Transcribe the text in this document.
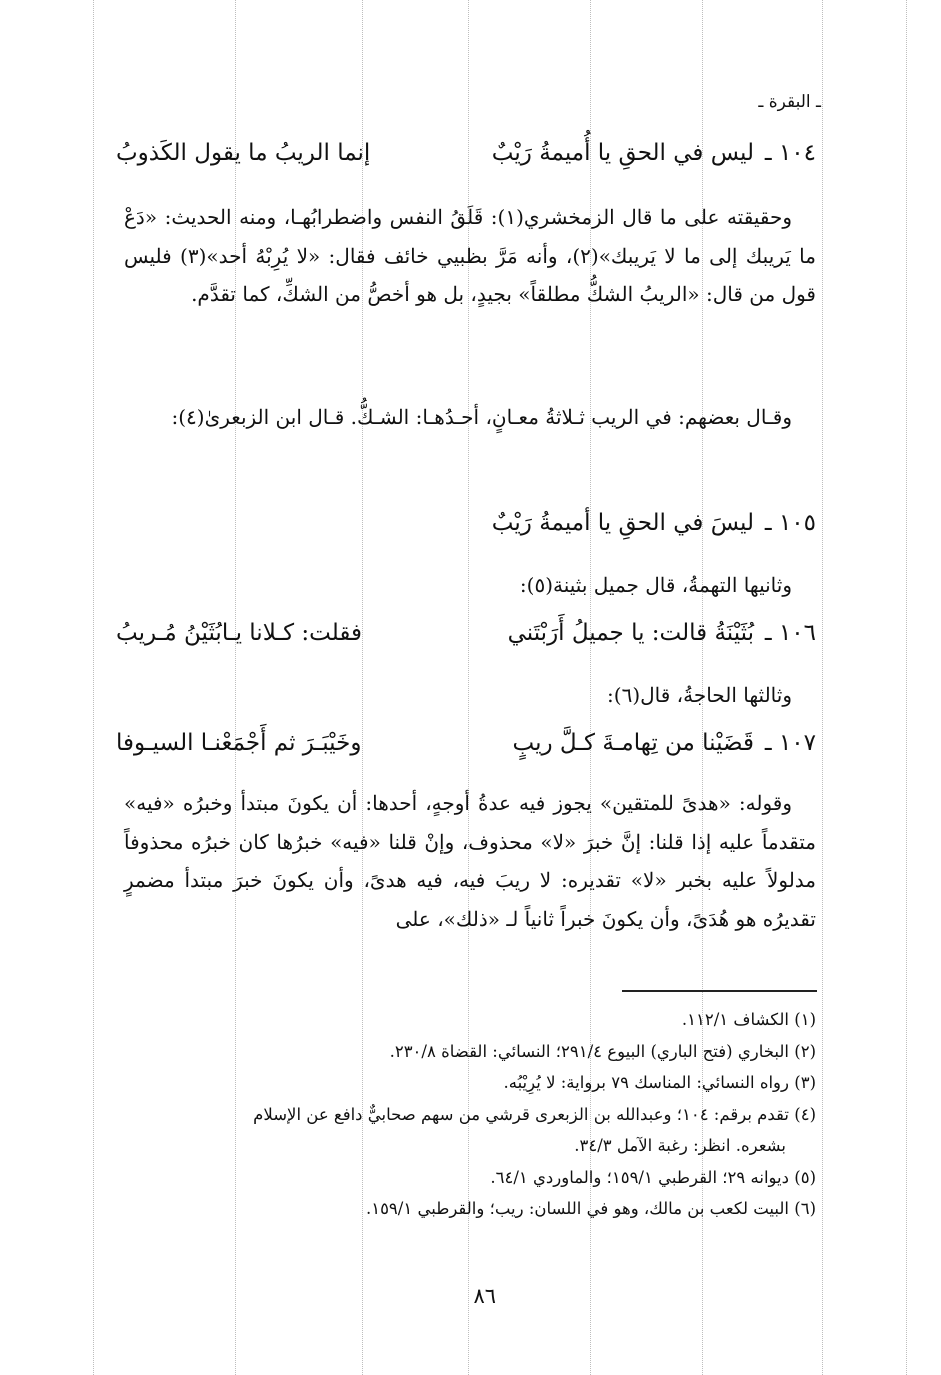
ـ البقرة ـ
١٠٤ ـ
ليس في الحقِ يا أُميمةُ رَيْبٌ
إنما الريبُ ما يقول الكَذوبُ

وحقيقته على ما قال الزمخشري(١): قَلَقُ النفس واضطرابُهـا، ومنه الحديث: «دَعْ ما يَريبك إلى ما لا يَريبك»(٢)، وأنه مَرَّ بظبيي خائف فقال: «لا يُرِبْهُ أحد»(٣) فليس قول من قال: «الريبُ الشكُّ مطلقاً» بجيدٍ، بل هو أخصُّ من الشكِّ، كما تقدَّم.

وقـال بعضهم: في الريب ثـلاثةُ معـانٍ، أحـدُهـا: الشـكُّ. قـال ابن الزبعرىٰ(٤):

١٠٥ ـ
ليسَ في الحقِ يا أميمةُ رَيْبٌ

وثانيها التهمةُ، قال جميل بثينة(٥):

١٠٦ ـ
بُثَيْنَةُ قالت: يا جميلُ أَرَبْتَني
فقلت: كـلانا يـابُثَيْنُ مُـريبُ

وثالثها الحاجةُ، قال(٦):

١٠٧ ـ
قَضَيْنا من تِهامـةَ كـلَّ ريبٍ
وخَيْبَـرَ ثم أَجْمَعْنـا السيـوفا

وقوله: «هدىً للمتقين» يجوز فيه عدةُ أوجهٍ، أحدها: أن يكونَ مبتدأ وخبرُه «فيه» متقدماً عليه إذا قلنا: إنَّ خبرَ «لا» محذوف، وإنْ قلنا «فيه» خبرُها كان خبرُه محذوفاً مدلولاً عليه بخبر «لا» تقديره: لا ريبَ فيه، فيه هدىً، وأن يكونَ خبرَ مبتدأ مضمرٍ تقديرُه هو هُدَىً، وأن يكونَ خبراً ثانياً لـ «ذلك»، على

(١) الكشاف ١١٢/١.
(٢) البخاري (فتح الباري) البيوع ٢٩١/٤؛ النسائي: القضاة ٢٣٠/٨.
(٣) رواه النسائي: المناسك ٧٩ برواية: لا يُرِيْبُه.
(٤) تقدم برقم: ١٠٤؛ وعبدالله بن الزبعرى قرشي من سهم صحابيٌّ دافع عن الإسلام
بشعره. انظر: رغبة الآمل ٣٤/٣.
(٥) ديوانه ٢٩؛ القرطبي ١٥٩/١؛ والماوردي ٦٤/١.
(٦) البيت لكعب بن مالك، وهو في اللسان: ريب؛ والقرطبي ١٥٩/١.
٨٦
